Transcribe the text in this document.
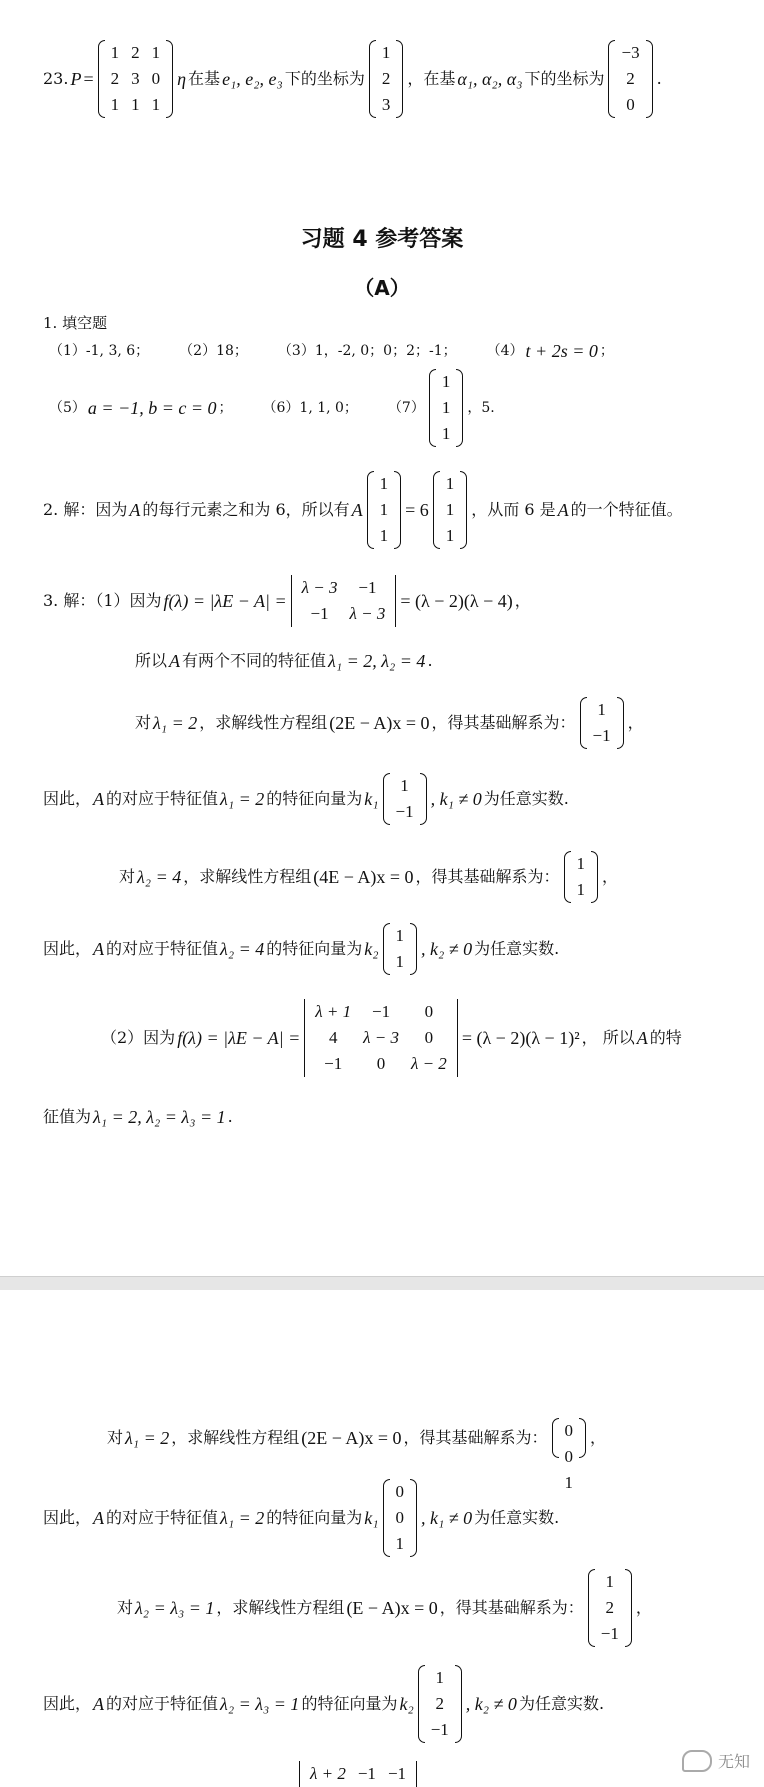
23. P =
1	2	1
2	3	0
1	1	1
η 在基 e₁, e₂, e₃ 下的坐标为
1
2
3
，在基 α₁, α₂, α₃ 下的坐标为
−3
2
0
.
习题 4 参考答案
（A）
1. 填空题
（1）-1, 3, 6； （2）18； （3）1，-2, 0；0；2；-1； （4） t + 2s = 0 ；
（5） a = −1, b = c = 0 ； （6）1, 1, 0； （7）
1
1
1
，5.
2. 解：因为 A 的每行元素之和为 6，所以有 A
1
1
1
= 6
1
1
1
，从而 6 是 A 的一个特征值。
3. 解：（1）因为 f(λ) = |λE − A| =
λ − 3	−1
−1	λ − 3
= (λ − 2)(λ − 4) ，
所以 A 有两个不同的特征值 λ₁ = 2, λ₂ = 4 .
对 λ₁ = 2 ，求解线性方程组 (2E − A)x = 0 ，得其基础解系为：
1
−1
，
因此， A 的对应于特征值 λ₁ = 2 的特征向量为 k₁
1
−1
, k₁ ≠ 0 为任意实数.
对 λ₂ = 4 ，求解线性方程组 (4E − A)x = 0 ，得其基础解系为：
1
1
，
因此， A 的对应于特征值 λ₂ = 4 的特征向量为 k₂
1
1
, k₂ ≠ 0 为任意实数.
（2）因为 f(λ) = |λE − A| =
λ + 1	−1	0
4	λ − 3	0
−1	0	λ − 2
= (λ − 2)(λ − 1)² ， 所以 A 的特
征值为 λ₁ = 2, λ₂ = λ₃ = 1 .
对 λ₁ = 2 ，求解线性方程组 (2E − A)x = 0 ，得其基础解系为： 0
0
1
，
因此， A 的对应于特征值 λ₁ = 2 的特征向量为 k₁
0
0
1
, k₁ ≠ 0 为任意实数.
对 λ₂ = λ₃ = 1 ，求解线性方程组 (E − A)x = 0 ，得其基础解系为：
1
2
−1
，
因此， A 的对应于特征值 λ₂ = λ₃ = 1 的特征向量为 k₂
1
2
−1
, k₂ ≠ 0 为任意实数.
λ + 2	−1	−1
无知
